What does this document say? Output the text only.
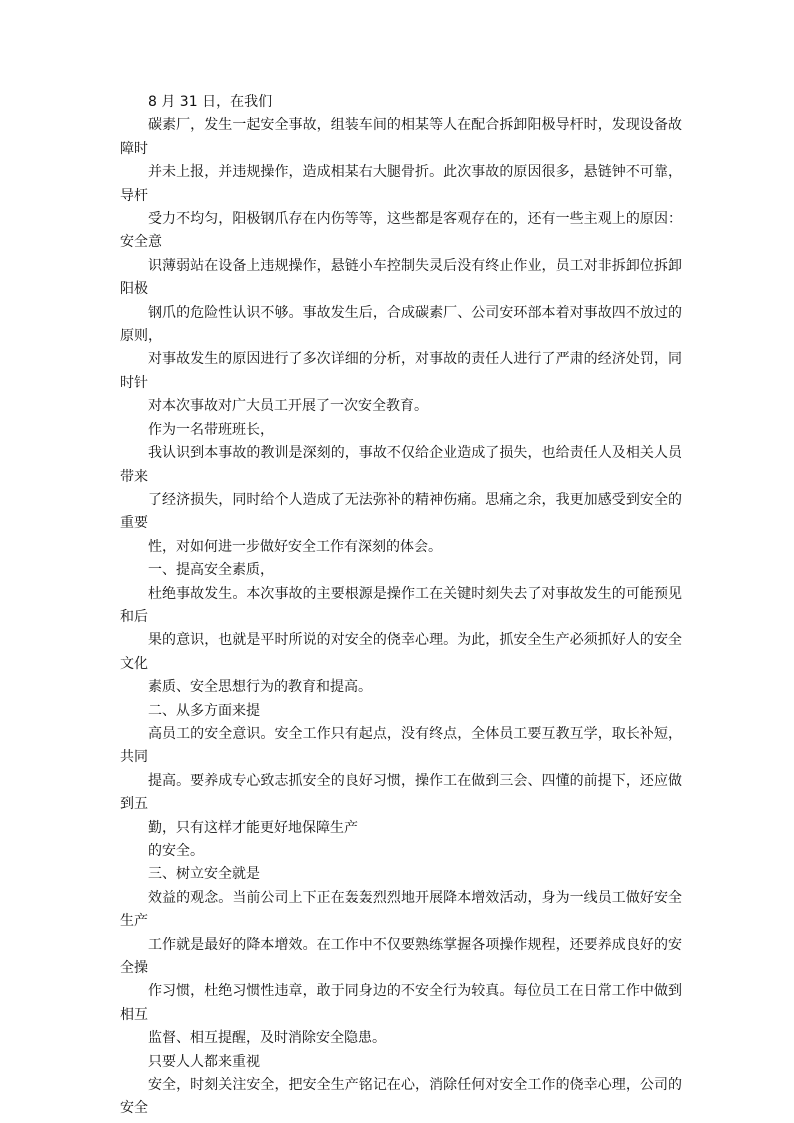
8 月 31 日，在我们

碳素厂，发生一起安全事故，组装车间的相某等人在配合拆卸阳极导杆时，发现设备故障时

并未上报，并违规操作，造成相某右大腿骨折。此次事故的原因很多，悬链钟不可靠，导杆

受力不均匀，阳极钢爪存在内伤等等，这些都是客观存在的，还有一些主观上的原因：安全意

识薄弱站在设备上违规操作，悬链小车控制失灵后没有终止作业，员工对非拆卸位拆卸阳极

钢爪的危险性认识不够。事故发生后，合成碳素厂、公司安环部本着对事故四不放过的原则，

对事故发生的原因进行了多次详细的分析，对事故的责任人进行了严肃的经济处罚，同时针

对本次事故对广大员工开展了一次安全教育。

作为一名带班班长，

我认识到本事故的教训是深刻的，事故不仅给企业造成了损失，也给责任人及相关人员带来

了经济损失，同时给个人造成了无法弥补的精神伤痛。思痛之余，我更加感受到安全的重要

性，对如何进一步做好安全工作有深刻的体会。

一、提高安全素质，

杜绝事故发生。本次事故的主要根源是操作工在关键时刻失去了对事故发生的可能预见和后

果的意识，也就是平时所说的对安全的侥幸心理。为此，抓安全生产必须抓好人的安全文化

素质、安全思想行为的教育和提高。

二、从多方面来提

高员工的安全意识。安全工作只有起点，没有终点，全体员工要互教互学，取长补短，共同

提高。要养成专心致志抓安全的良好习惯，操作工在做到三会、四懂的前提下，还应做到五

勤，只有这样才能更好地保障生产

的安全。

三、树立安全就是

效益的观念。当前公司上下正在轰轰烈烈地开展降本增效活动，身为一线员工做好安全生产

工作就是最好的降本增效。在工作中不仅要熟练掌握各项操作规程，还要养成良好的安全操

作习惯，杜绝习惯性违章，敢于同身边的不安全行为较真。每位员工在日常工作中做到相互

监督、相互提醒，及时消除安全隐患。

只要人人都来重视

安全，时刻关注安全，把安全生产铭记在心，消除任何对安全工作的侥幸心理，公司的安全
